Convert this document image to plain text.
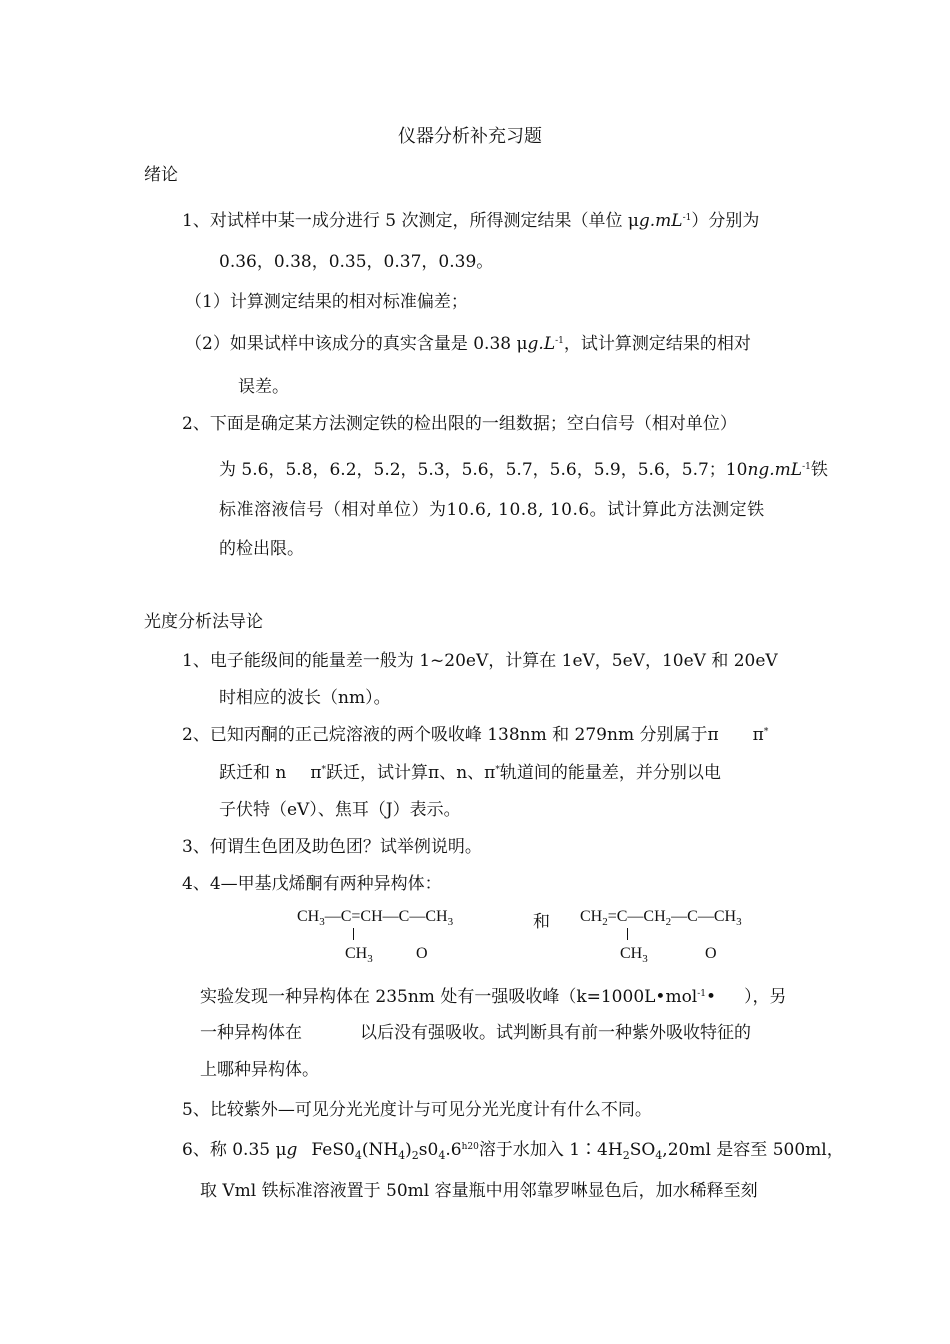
仪器分析补充习题
绪论
1、对试样中某一成分进行 5 次测定，所得测定结果（单位 $\mu g.mL^{-1}$）分别为
0.36，0.38，0.35，0.37，0.39。
（1）计算测定结果的相对标准偏差；
（2）如果试样中该成分的真实含量是 0.38 $\mu g.L^{-1}$，试计算测定结果的相对
误差。
2、下面是确定某方法测定铁的检出限的一组数据；空白信号（相对单位）
为 5.6，5.8，6.2，5.2，5.3，5.6，5.7，5.6，5.9，5.6，5.7；$10ng.mL^{-1}$铁
标准溶液信号（相对单位）为10.6, 10.8, 10.6。试计算此方法测定铁
的检出限。
光度分析法导论
1、电子能级间的能量差一般为 1~20eV，计算在 1eV，5eV，10eV 和 20eV
时相应的波长（nm）。
2、已知丙酮的正己烷溶液的两个吸收峰 138nm 和 279nm 分别属于π π*
跃迁和 n π*跃迁，试计算π、n、π*轨道间的能量差，并分别以电
子伏特（eV）、焦耳（J）表示。
3、何谓生色团及助色团？试举例说明。
4、4—甲基戊烯酮有两种异构体：
$CH_3—C=CH—C—CH_3$
$CH_3$	O
和 $CH_2=C—CH_2—C—CH_3$
$CH_3$	O
实验发现一种异构体在 235nm 处有一强吸收峰（k=1000L•mol$^{-1}$• ），另
一种异构体在	以后没有强吸收。试判断具有前一种紫外吸收特征的
上哪种异构体。
5、比较紫外—可见分光光度计与可见分光光度计有什么不同。
6、称 0.35 μg $FeS0_4(NH_4)_2s0_4.6^{h20}$溶于水加入 $1∶4H_2SO_4,20ml$ 是容至 500ml，
取 Vml 铁标准溶液置于 50ml 容量瓶中用邻靠罗啉显色后，加水稀释至刻
